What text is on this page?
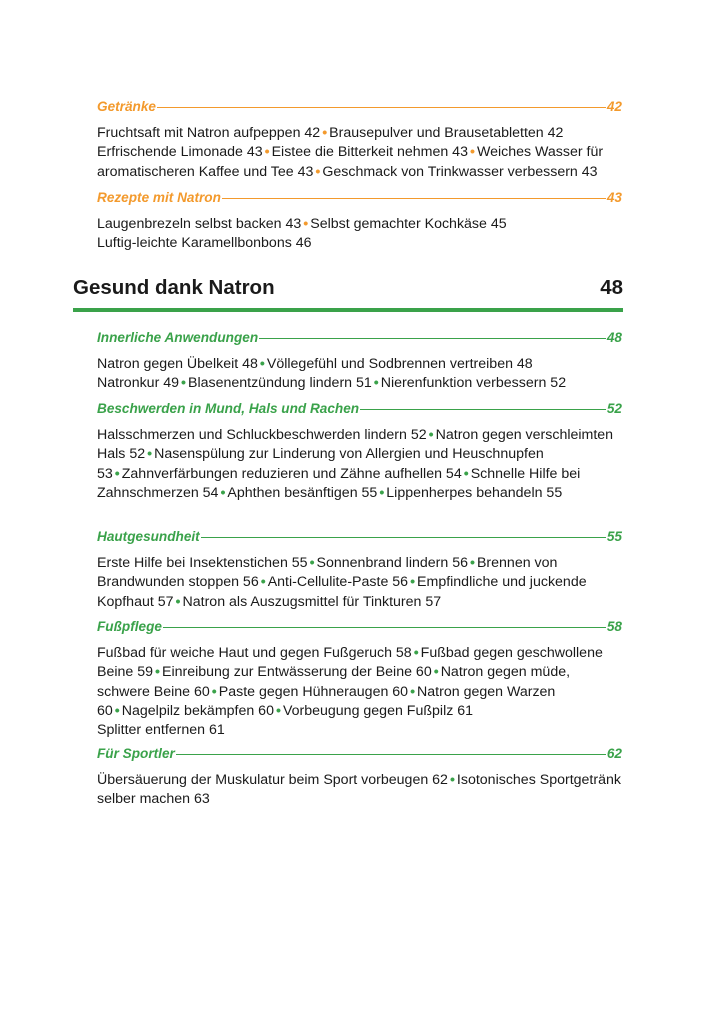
Getränke	42
Fruchtsaft mit Natron aufpeppen 42 • Brausepulver und Brausetabletten 42 Erfrischende Limonade 43 • Eistee die Bitterkeit nehmen 43 • Weiches Wasser für aromatischeren Kaffee und Tee 43 • Geschmack von Trinkwasser verbessern 43
Rezepte mit Natron	43
Laugenbrezeln selbst backen 43 • Selbst gemachter Kochkäse 45
Luftig-leichte Karamellbonbons 46
Gesund dank Natron	48
Innerliche Anwendungen	48
Natron gegen Übelkeit 48 • Völlegefühl und Sodbrennen vertreiben 48
Natronkur 49 • Blasenentzündung lindern 51 • Nierenfunktion verbessern 52
Beschwerden in Mund, Hals und Rachen	52
Halsschmerzen und Schluckbeschwerden lindern 52 • Natron gegen verschleimten Hals 52 • Nasenspülung zur Linderung von Allergien und Heuschnupfen 53 • Zahnverfärbungen reduzieren und Zähne aufhellen 54 • Schnelle Hilfe bei Zahnschmerzen 54 • Aphthen besänftigen 55 • Lippenherpes behandeln 55
Hautgesundheit	55
Erste Hilfe bei Insektenstichen 55 • Sonnenbrand lindern 56 • Brennen von Brandwunden stoppen 56 • Anti-Cellulite-Paste 56 • Empfindliche und juckende Kopfhaut 57 • Natron als Auszugsmittel für Tinkturen 57
Fußpflege	58
Fußbad für weiche Haut und gegen Fußgeruch 58 • Fußbad gegen geschwollene Beine 59 • Einreibung zur Entwässerung der Beine 60 • Natron gegen müde, schwere Beine 60 • Paste gegen Hühneraugen 60 • Natron gegen Warzen 60 • Nagelpilz bekämpfen 60 • Vorbeugung gegen Fußpilz 61
Splitter entfernen 61
Für Sportler	62
Übersäuerung der Muskulatur beim Sport vorbeugen 62 • Isotonisches Sportgetränk selber machen 63
